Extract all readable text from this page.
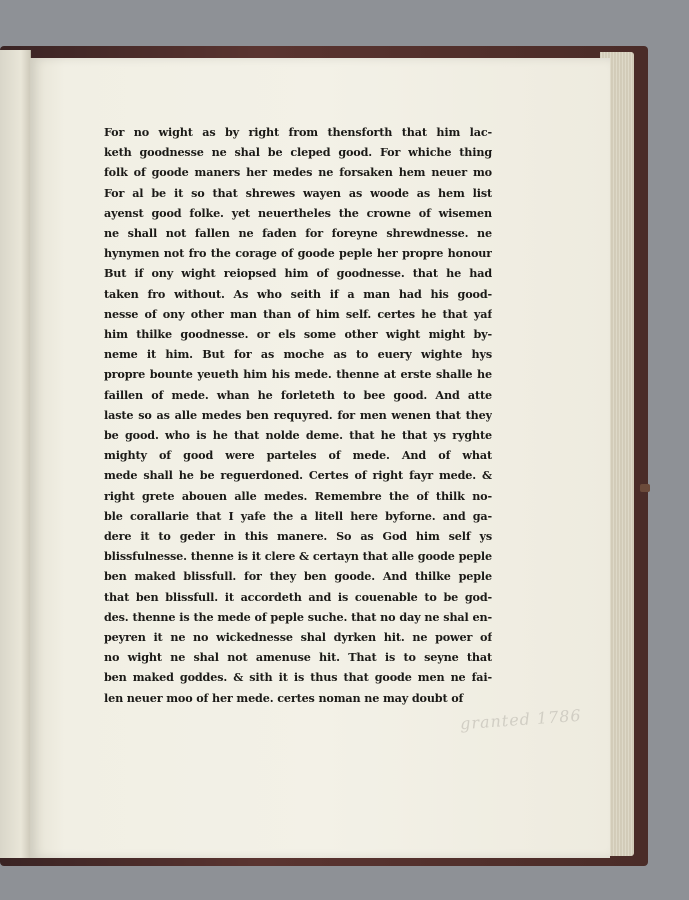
For no wight as by right from thensforth that him lac-
keth goodnesse ne shal be cleped good. For whiche thing
folk of goode maners her medes ne forsaken hem neuer mo
For al be it so that shrewes wayen as woode as hem list
ayenst good folke. yet neuertheles the crowne of wisemen
ne shall not fallen ne faden for foreyne shrewdnesse. ne
hynymen not fro the corage of goode peple her propre honour
But if ony wight reiopsed him of goodnesse. that he had
taken fro without. As who seith if a man had his good-
nesse of ony other man than of him self. certes he that yaf
him thilke goodnesse. or els some other wight might by-
neme it him. But for as moche as to euery wighte hys
propre bounte yeueth him his mede. thenne at erste shalle he
faillen of mede. whan he forleteth to bee good. And atte
laste so as alle medes ben requyred. for men wenen that they
be good. who is he that nolde deme. that he that ys ryghte
mighty of good were parteles of mede. And of what
mede shall he be reguerdoned. Certes of right fayr mede. &
right grete abouen alle medes. Remembre the of thilk no-
ble corallarie that I yafe the a litell here byforne. and ga-
dere it to geder in this manere. So as God him self ys
blissfulnesse. thenne is it clere & certayn that alle goode peple
ben maked blissfull. for they ben goode. And thilke peple
that ben blissfull. it accordeth and is couenable to be god-
des. thenne is the mede of peple suche. that no day ne shal en-
peyren it ne no wickednesse shal dyrken hit. ne power of
no wight ne shal not amenuse hit. That is to seyne that
ben maked goddes. & sith it is thus that goode men ne fai-
len neuer moo of her mede. certes noman ne may doubt of
granted 1786
